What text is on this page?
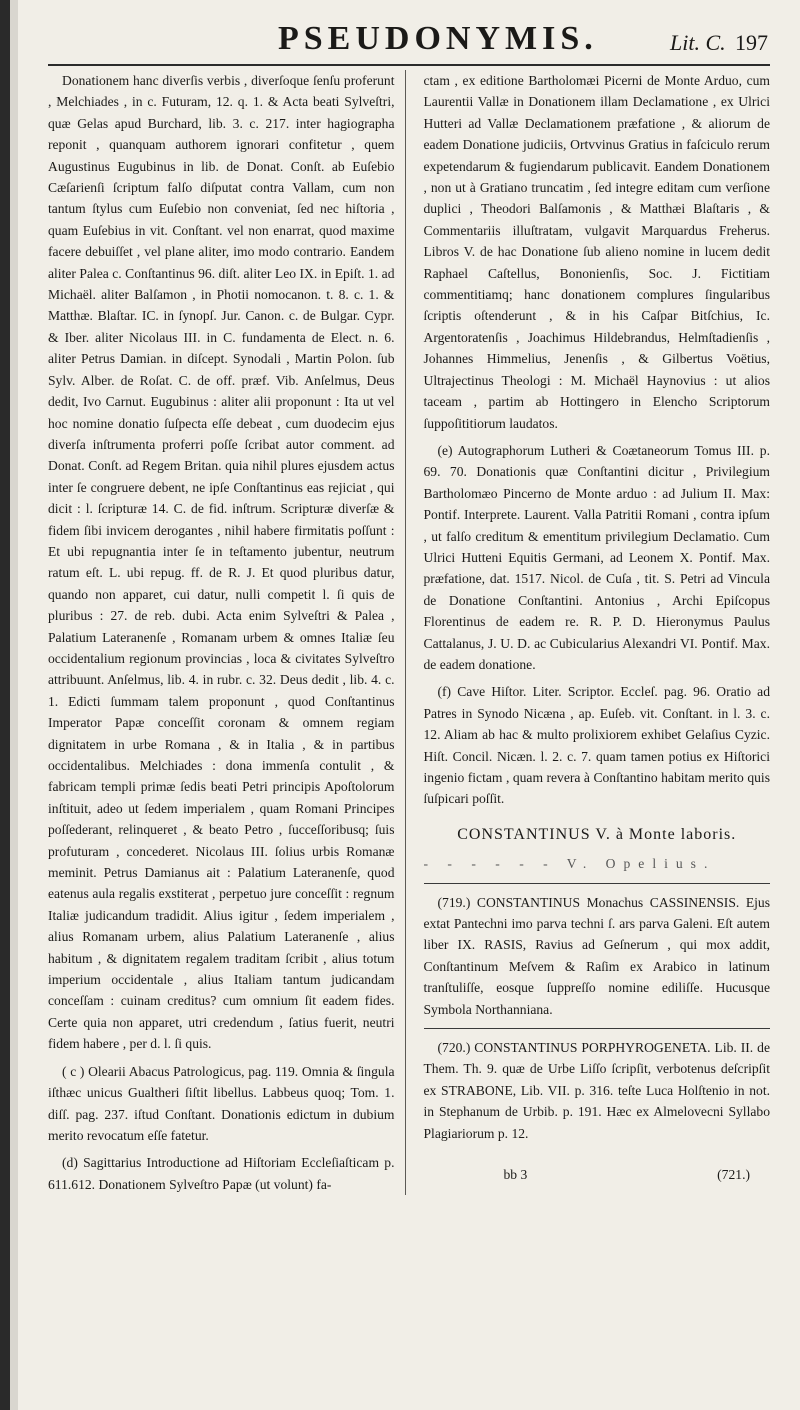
PSEUDONYMIS.	Lit. C. 197

Donationem hanc diverſis verbis , diverſoque ſenſu proferunt , Melchiades , in c. Futuram, 12. q. 1. & Acta beati Sylveſtri, quæ Gelas apud Burchard, lib. 3. c. 217. inter hagiographa reponit , quanquam authorem ignorari confitetur , quem Augustinus Eugubinus in lib. de Donat. Conſt. ab Euſebio Cæſarienſi ſcriptum falſo diſputat contra Vallam, cum non tantum ſtylus cum Euſebio non conveniat, ſed nec hiſtoria , quam Euſebius in vit. Conſtant. vel non enarrat, quod maxime facere debuiſſet , vel plane aliter, imo modo contrario. Eandem aliter Palea c. Conſtantinus 96. diſt. aliter Leo IX. in Epiſt. 1. ad Michaël. aliter Balſamon , in Photii nomocanon. t. 8. c. 1. & Matthæ. Blaſtar. IC. in ſynopſ. Jur. Canon. c. de Bulgar. Cypr. & Iber. aliter Nicolaus III. in C. fundamenta de Elect. n. 6. aliter Petrus Damian. in diſcept. Synodali , Martin Polon. ſub Sylv. Alber. de Roſat. C. de off. præf. Vib. Anſelmus, Deus dedit, Ivo Carnut. Eugubinus : aliter alii proponunt : Ita ut vel hoc nomine donatio ſuſpecta eſſe debeat , cum duodecim ejus diverſa inſtrumenta proferri poſſe ſcribat autor comment. ad Donat. Conſt. ad Regem Britan. quia nihil plures ejusdem actus inter ſe congruere debent, ne ipſe Conſtantinus eas rejiciat , qui dicit : l. ſcripturæ 14. C. de fid. inſtrum. Scripturæ diverſæ & fidem ſibi invicem derogantes , nihil habere firmitatis poſſunt : Et ubi repugnantia inter ſe in teſtamento jubentur, neutrum ratum eſt. L. ubi repug. ff. de R. J. Et quod pluribus datur, quando non apparet, cui datur, nulli competit l. ſi quis de pluribus : 27. de reb. dubi. Acta enim Sylveſtri & Palea , Palatium Lateranenſe , Romanam urbem & omnes Italiæ ſeu occidentalium regionum provincias , loca & civitates Sylveſtro attribuunt. Anſelmus, lib. 4. in rubr. c. 32. Deus dedit , lib. 4. c. 1. Edicti ſummam talem proponunt , quod Conſtantinus Imperator Papæ conceſſit coronam & omnem regiam dignitatem in urbe Romana , & in Italia , & in partibus occidentalibus. Melchiades : dona immenſa contulit , & fabricam templi primæ ſedis beati Petri principis Apoſtolorum inſtituit, adeo ut ſedem imperialem , quam Romani Principes poſſederant, relinqueret , & beato Petro , ſucceſſoribusq; ſuis profuturam , concederet. Nicolaus III. ſolius urbis Romanæ meminit. Petrus Damianus ait : Palatium Lateranenſe, quod eatenus aula regalis exstiterat , perpetuo jure conceſſit : regnum Italiæ judicandum tradidit. Alius igitur , ſedem imperialem , alius Romanam urbem, alius Palatium Lateranenſe , alius habitum , & dignitatem regalem traditam ſcribit , alius totum imperium occidentale , alius Italiam tantum judicandam conceſſam : cuinam creditus? cum omnium ſit eadem fides. Certe quia non apparet, utri credendum , ſatius fuerit, neutri fidem habere , per d. l. ſi quis.

( c ) Olearii Abacus Patrologicus, pag. 119. Omnia & ſingula iſthæc unicus Gualtheri ſiſtit libellus. Labbeus quoq; Tom. 1. diſſ. pag. 237. iſtud Conſtant. Donationis edictum in dubium merito revocatum eſſe fatetur.

(d) Sagittarius Introductione ad Hiſtoriam Eccleſiaſticam p. 611.612. Donationem Sylveſtro Papæ (ut volunt) fa-

ctam , ex editione Bartholomæi Picerni de Monte Arduo, cum Laurentii Vallæ in Donationem illam Declamatione , ex Ulrici Hutteri ad Vallæ Declamationem præfatione , & aliorum de eadem Donatione judiciis, Ortvvinus Gratius in faſciculo rerum expetendarum & fugiendarum publicavit. Eandem Donationem , non ut à Gratiano truncatim , ſed integre editam cum verſione duplici , Theodori Balſamonis , & Matthæi Blaſtaris , & Commentariis illuſtratam, vulgavit Marquardus Freherus. Libros V. de hac Donatione ſub alieno nomine in lucem dedit Raphael Caſtellus, Bononienſis, Soc. J. Fictitiam commentitiamq; hanc donationem complures ſingularibus ſcriptis oſtenderunt , & in his Caſpar Bitſchius, Ic. Argentoratenſis , Joachimus Hildebrandus, Helmſtadienſis , Johannes Himmelius, Jenenſis , & Gilbertus Voëtius, Ultrajectinus Theologi : M. Michaël Haynovius : ut alios taceam , partim ab Hottingero in Elencho Scriptorum ſuppoſititiorum laudatos.

(e) Autographorum Lutheri & Coætaneorum Tomus III. p. 69. 70. Donationis quæ Conſtantini dicitur , Privilegium Bartholomæo Pincerno de Monte arduo : ad Julium II. Max: Pontif. Interprete. Laurent. Valla Patritii Romani , contra ipſum , ut falſo creditum & ementitum privilegium Declamatio. Cum Ulrici Hutteni Equitis Germani, ad Leonem X. Pontif. Max. præfatione, dat. 1517. Nicol. de Cuſa , tit. S. Petri ad Vincula de Donatione Conſtantini. Antonius , Archi Epiſcopus Florentinus de eadem re. R. P. D. Hieronymus Paulus Cattalanus, J. U. D. ac Cubicularius Alexandri VI. Pontif. Max. de eadem donatione.

(f) Cave Hiſtor. Liter. Scriptor. Eccleſ. pag. 96. Oratio ad Patres in Synodo Nicæna , ap. Euſeb. vit. Conſtant. in l. 3. c. 12. Aliam ab hac & multo prolixiorem exhibet Gelaſius Cyzic. Hiſt. Concil. Nicæn. l. 2. c. 7. quam tamen potius ex Hiſtorici ingenio fictam , quam revera à Conſtantino habitam merito quis ſuſpicari poſſit.

CONSTANTINUS V. à Monte laboris.
- - - - - - V. Opelius.

(719.) CONSTANTINUS Monachus CASSINENSIS. Ejus extat Pantechni imo parva techni ſ. ars parva Galeni. Eſt autem liber IX. RASIS, Ravius ad Geſnerum , qui mox addit, Conſtantinum Meſvem & Raſim ex Arabico in latinum tranſtuliſſe, eosque ſuppreſſo nomine ediliſſe. Hucusque Symbola Northanniana.

(720.) CONSTANTINUS PORPHYROGENETA. Lib. II. de Them. Th. 9. quæ de Urbe Liſſo ſcripſit, verbotenus deſcripſit ex STRABONE, Lib. VII. p. 316. teſte Luca Holſtenio in not. in Stephanum de Urbib. p. 191. Hæc ex Almelovecni Syllabo Plagiariorum p. 12.

bb 3	(721.)
